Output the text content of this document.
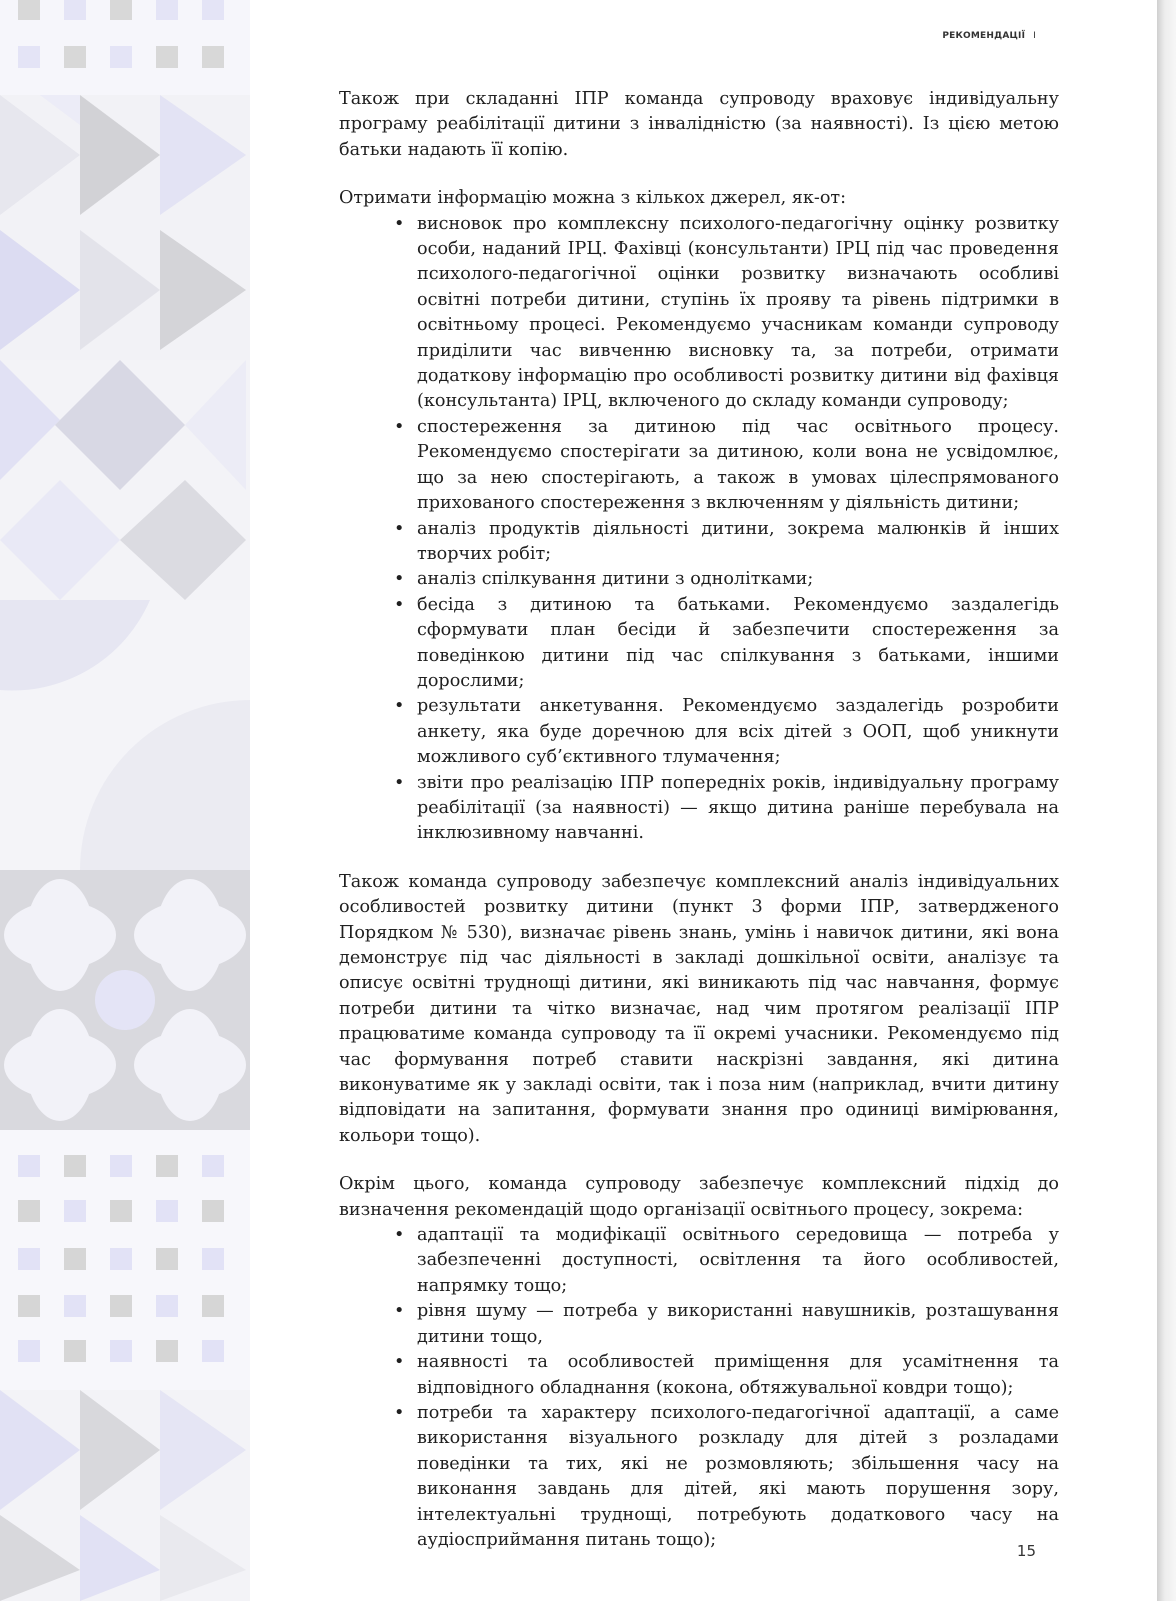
РЕКОМЕНДАЦІЇ I

Також при складанні ІПР команда супроводу враховує індивідуальну програму реабілітації дитини з інвалідністю (за наявності). Із цією метою батьки надають її копію.

Отримати інформацію можна з кількох джерел, як-от:

• висновок про комплексну психолого-педагогічну оцінку розвитку особи, наданий ІРЦ. Фахівці (консультанти) ІРЦ під час проведення психолого-педагогічної оцінки розвитку визначають особливі освітні потреби дитини, ступінь їх прояву та рівень підтримки в освітньому процесі. Рекомендуємо учасникам команди супроводу приділити час вивченню висновку та, за потреби, отримати додаткову інформацію про особливості розвитку дитини від фахівця (консультанта) ІРЦ, включеного до складу команди супроводу;
• спостереження за дитиною під час освітнього процесу. Рекомендуємо спостерігати за дитиною, коли вона не усвідомлює, що за нею спостерігають, а також в умовах цілеспрямованого прихованого спостереження з включенням у діяльність дитини;
• аналіз продуктів діяльності дитини, зокрема малюнків й інших творчих робіт;
• аналіз спілкування дитини з однолітками;
• бесіда з дитиною та батьками. Рекомендуємо заздалегідь сформувати план бесіди й забезпечити спостереження за поведінкою дитини під час спілкування з батьками, іншими дорослими;
• результати анкетування. Рекомендуємо заздалегідь розробити анкету, яка буде доречною для всіх дітей з ООП, щоб уникнути можливого суб’єктивного тлумачення;
• звіти про реалізацію ІПР попередніх років, індивідуальну програму реабілітації (за наявності) — якщо дитина раніше перебувала на інклюзивному навчанні.

Також команда супроводу забезпечує комплексний аналіз індивідуальних особливостей розвитку дитини (пункт 3 форми ІПР, затвердженого Порядком № 530), визначає рівень знань, умінь і навичок дитини, які вона демонструє під час діяльності в закладі дошкільної освіти, аналізує та описує освітні труднощі дитини, які виникають під час навчання, формує потреби дитини та чітко визначає, над чим протягом реалізації ІПР працюватиме команда супроводу та її окремі учасники. Рекомендуємо під час формування потреб ставити наскрізні завдання, які дитина виконуватиме як у закладі освіти, так і поза ним (наприклад, вчити дитину відповідати на запитання, формувати знання про одиниці вимірювання, кольори тощо).

Окрім цього, команда супроводу забезпечує комплексний підхід до визначення рекомендацій щодо організації освітнього процесу, зокрема:

• адаптації та модифікації освітнього середовища — потреба у забезпеченні доступності, освітлення та його особливостей, напрямку тощо;
• рівня шуму — потреба у використанні навушників, розташування дитини тощо,
• наявності та особливостей приміщення для усамітнення та відповідного обладнання (кокона, обтяжувальної ковдри тощо);
• потреби та характеру психолого-педагогічної адаптації, а саме використання візуального розкладу для дітей з розладами поведінки та тих, які не розмовляють; збільшення часу на виконання завдань для дітей, які мають порушення зору, інтелектуальні труднощі, потребують додаткового часу на аудіосприймання питань тощо);
15
